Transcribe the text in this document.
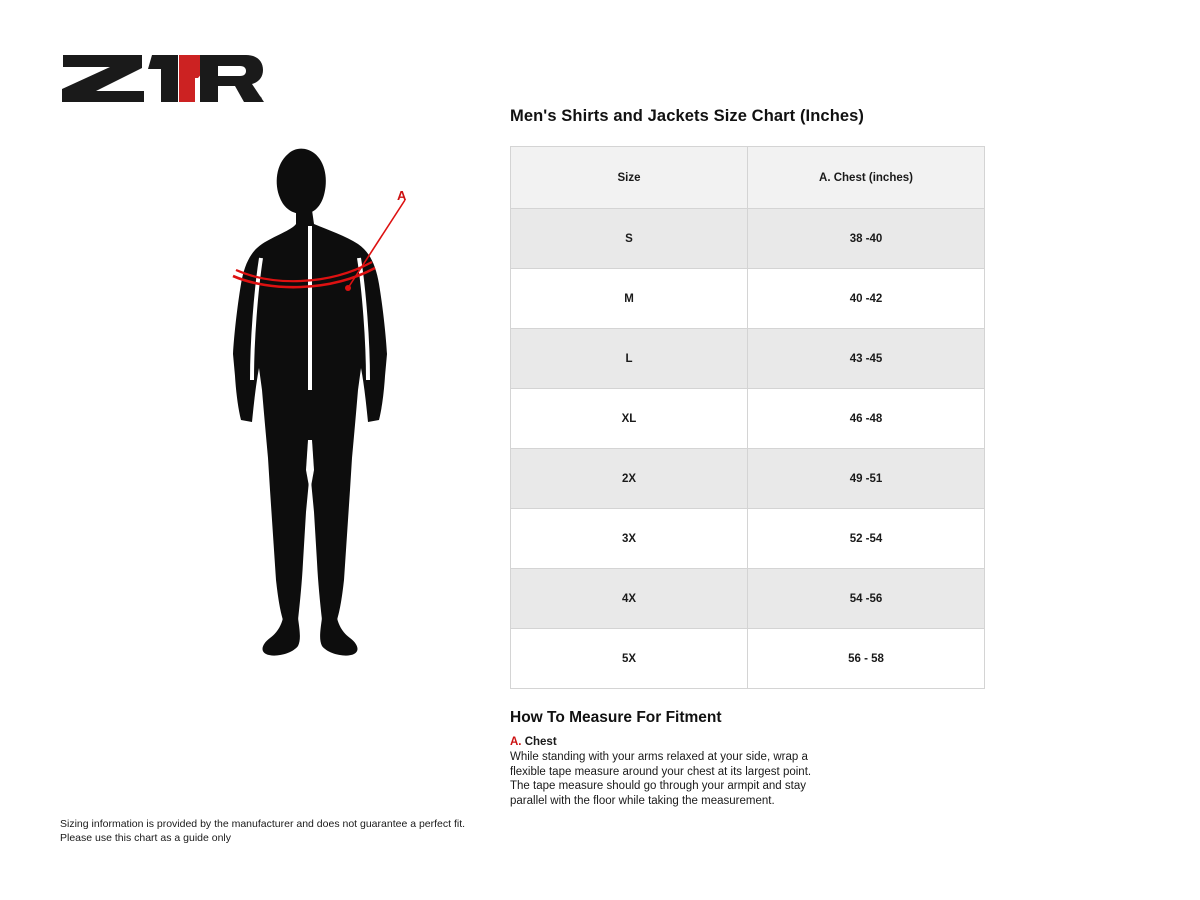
®
A
Men's Shirts and Jackets Size Chart (Inches)
Size	A. Chest (inches)
S	38 -40
M	40 -42
L	43 -45
XL	46 -48
2X	49 -51
3X	52 -54
4X	54 -56
5X	56 - 58
How To Measure For Fitment
A. Chest
While standing with your arms relaxed at your side, wrap a flexible tape measure around your chest at its largest point. The tape measure should go through your armpit and stay parallel with the floor while taking the measurement.
Sizing information is provided by the manufacturer and does not guarantee a perfect fit. Please use this chart as a guide only
